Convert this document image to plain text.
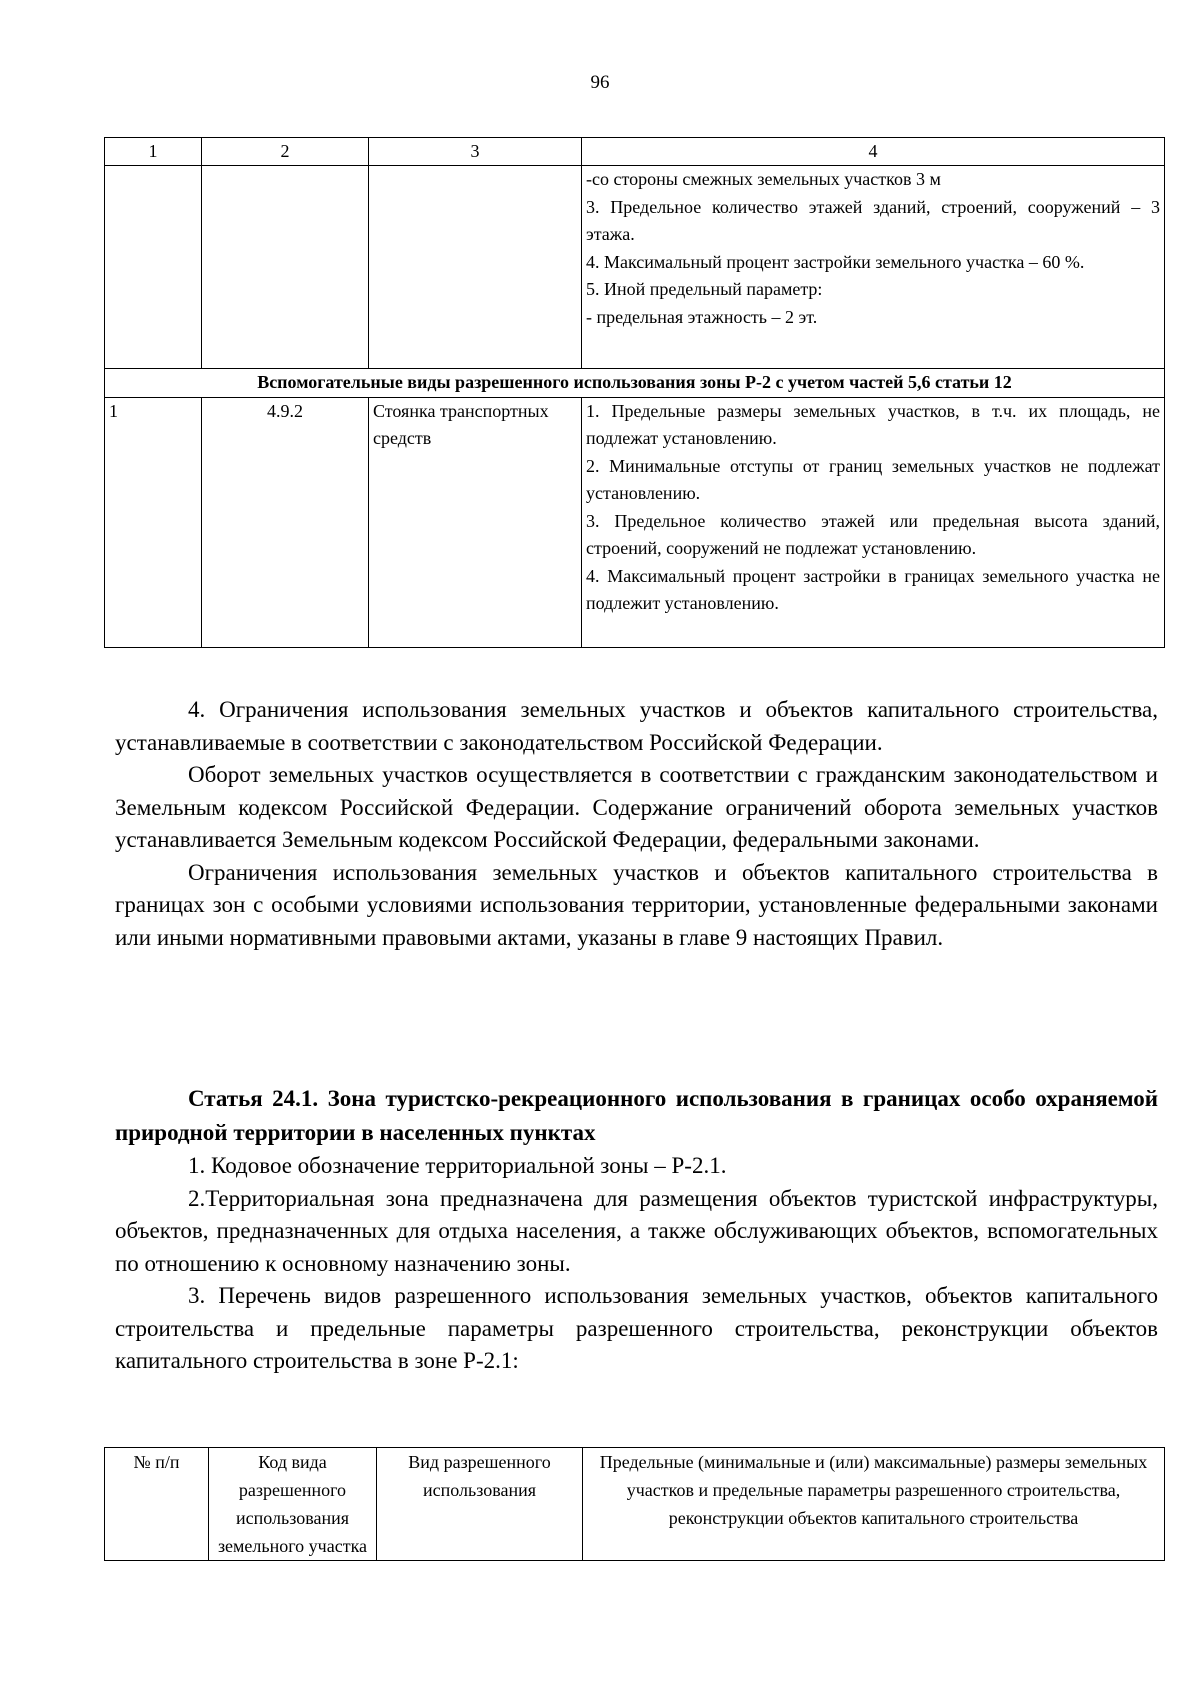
96
1	2	3	4

			-со стороны смежных земельных участков 3 м
3. Предельное количество этажей зданий, строений, сооружений – 3 этажа.
4. Максимальный процент застройки земельного участка – 60 %.
5. Иной предельный параметр:
- предельная этажность – 2 эт.

Вспомогательные виды разрешенного использования зоны Р-2 с учетом частей 5,6 статьи 12			
1	4.9.2	Стоянка транспортных средств	1. Предельные размеры земельных участков, в т.ч. их площадь, не подлежат установлению.
2. Минимальные отступы от границ земельных участков не подлежат установлению.
3. Предельное количество этажей или предельная высота зданий, строений, сооружений не подлежат установлению.
4. Максимальный процент застройки в границах земельного участка не подлежит установлению.

4. Ограничения использования земельных участков и объектов капитального строительства, устанавливаемые в соответствии с законодательством Российской Федерации.

Оборот земельных участков осуществляется в соответствии с гражданским законодательством и Земельным кодексом Российской Федерации. Содержание ограничений оборота земельных участков устанавливается Земельным кодексом Российской Федерации, федеральными законами.

Ограничения использования земельных участков и объектов капитального строительства в границах зон с особыми условиями использования территории, установленные федеральными законами или иными нормативными правовыми актами, указаны в главе 9 настоящих Правил.

Статья 24.1. Зона туристско-рекреационного использования в границах особо охраняемой природной территории в населенных пунктах

1. Кодовое обозначение территориальной зоны – Р-2.1.

2.Территориальная зона предназначена для размещения объектов туристской инфраструктуры, объектов, предназначенных для отдыха населения, а также обслуживающих объектов, вспомогательных по отношению к основному назначению зоны.

3. Перечень видов разрешенного использования земельных участков, объектов капитального строительства и предельные параметры разрешенного строительства, реконструкции объектов капитального строительства в зоне Р-2.1:

№ п/п	Код вида разрешенного использования земельного участка	Вид разрешенного использования	Предельные (минимальные и (или) максимальные) размеры земельных участков и предельные параметры разрешенного строительства, реконструкции объектов капитального строительства
